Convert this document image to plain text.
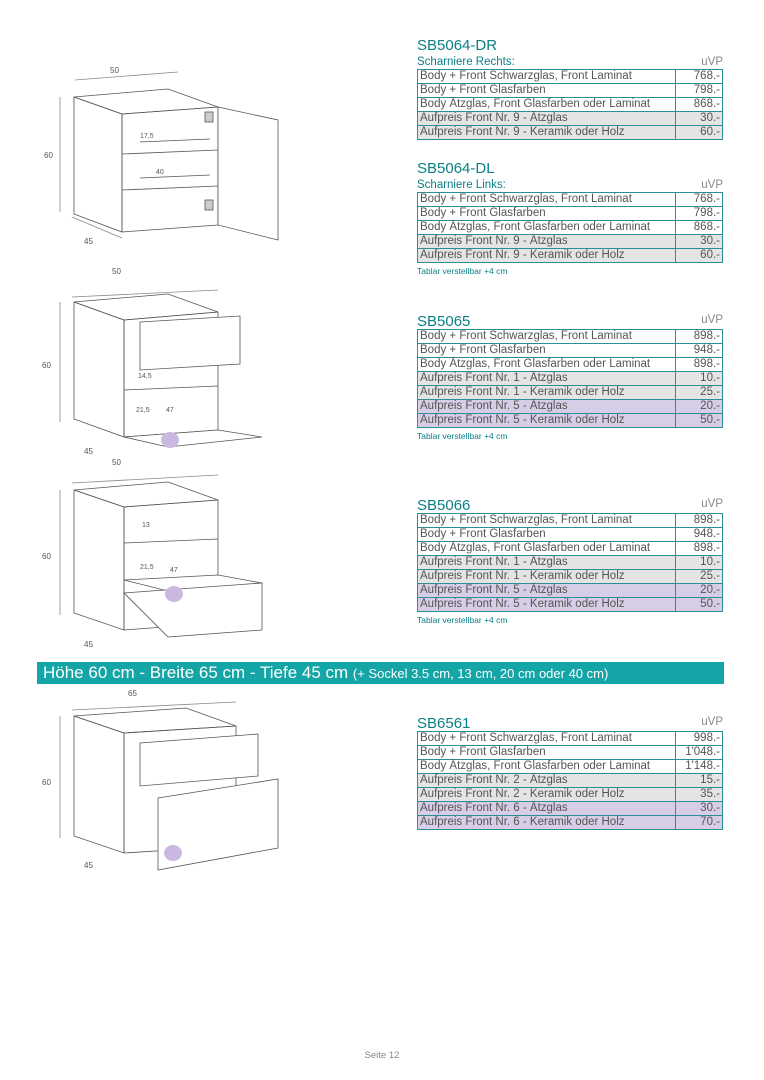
50
60
45
17,5
40
50
60
45
14,5
21,5 47
50
60
45
13
21,5 47
65
60
45
SB5064-DR
Scharniere Rechts:	uVP
Body + Front Schwarzglas, Front Laminat	768.-
Body + Front Glasfarben	798.-
Body Ätzglas, Front Glasfarben oder Laminat	868.-
Aufpreis Front Nr. 9 - Ätzglas	30.-
Aufpreis Front Nr. 9 - Keramik oder Holz	60.-
SB5064-DL
Scharniere Links:	uVP
Body + Front Schwarzglas, Front Laminat	768.-
Body + Front Glasfarben	798.-
Body Ätzglas, Front Glasfarben oder Laminat	868.-
Aufpreis Front Nr. 9 - Ätzglas	30.-
Aufpreis Front Nr. 9 - Keramik oder Holz	60.-
Tablar verstellbar +4 cm
SB5065	uVP
Body + Front Schwarzglas, Front Laminat	898.-
Body + Front Glasfarben	948.-
Body Ätzglas, Front Glasfarben oder Laminat	898.-
Aufpreis Front Nr. 1 - Ätzglas	10.-
Aufpreis Front Nr. 1 - Keramik oder Holz	25.-
Aufpreis Front Nr. 5 - Ätzglas	20.-
Aufpreis Front Nr. 5 - Keramik oder Holz	50.-
Tablar verstellbar +4 cm
SB5066	uVP
Body + Front Schwarzglas, Front Laminat	898.-
Body + Front Glasfarben	948.-
Body Ätzglas, Front Glasfarben oder Laminat	898.-
Aufpreis Front Nr. 1 - Ätzglas	10.-
Aufpreis Front Nr. 1 - Keramik oder Holz	25.-
Aufpreis Front Nr. 5 - Ätzglas	20.-
Aufpreis Front Nr. 5 - Keramik oder Holz	50.-
Tablar verstellbar +4 cm
Höhe 60 cm - Breite 65 cm - Tiefe 45 cm (+ Sockel 3.5 cm, 13 cm, 20 cm oder 40 cm)
SB6561	uVP
Body + Front Schwarzglas, Front Laminat	998.-
Body + Front Glasfarben	1'048.-
Body Ätzglas, Front Glasfarben oder Laminat	1'148.-
Aufpreis Front Nr. 2 - Ätzglas	15.-
Aufpreis Front Nr. 2 - Keramik oder Holz	35.-
Aufpreis Front Nr. 6 - Ätzglas	30.-
Aufpreis Front Nr. 6 - Keramik oder Holz	70.-
Seite 12
